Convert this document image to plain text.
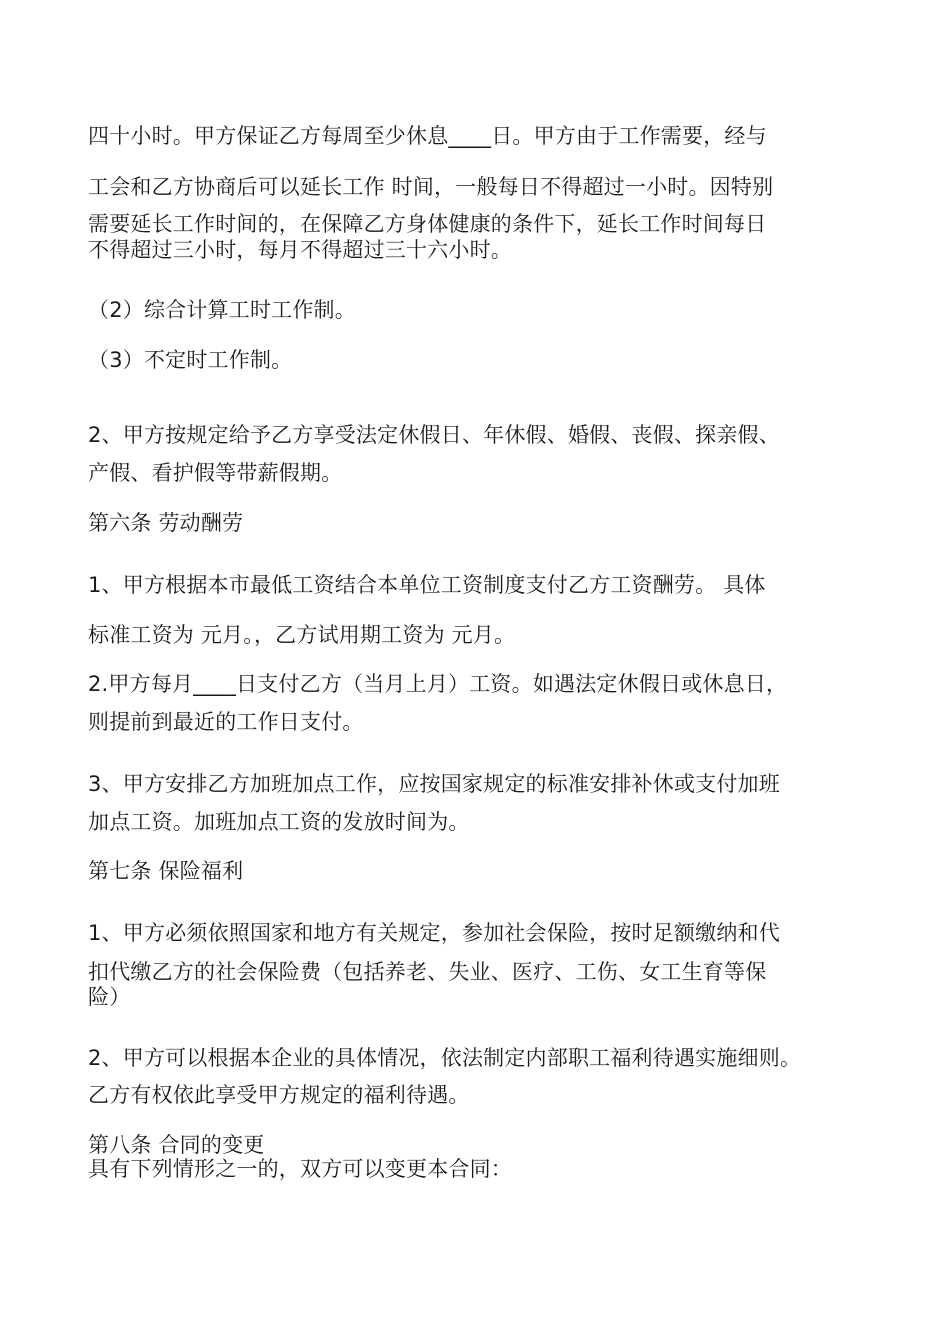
四十小时。甲方保证乙方每周至少休息____日。甲方由于工作需要，经与
工会和乙方协商后可以延长工作 时间，一般每日不得超过一小时。因特别
需要延长工作时间的，在保障乙方身体健康的条件下，延长工作时间每日
不得超过三小时，每月不得超过三十六小时。
（2）综合计算工时工作制。
（3）不定时工作制。
2、甲方按规定给予乙方享受法定休假日、年休假、婚假、丧假、探亲假、
产假、看护假等带薪假期。
第六条 劳动酬劳
1、甲方根据本市最低工资结合本单位工资制度支付乙方工资酬劳。 具体
标准工资为 元月。，乙方试用期工资为 元月。
2.甲方每月____日支付乙方（当月上月）工资。如遇法定休假日或休息日，
则提前到最近的工作日支付。
3、甲方安排乙方加班加点工作，应按国家规定的标准安排补休或支付加班
加点工资。加班加点工资的发放时间为。
第七条 保险福利
1、甲方必须依照国家和地方有关规定，参加社会保险，按时足额缴纳和代
扣代缴乙方的社会保险费（包括养老、失业、医疗、工伤、女工生育等保
险）
2、甲方可以根据本企业的具体情况，依法制定内部职工福利待遇实施细则。
乙方有权依此享受甲方规定的福利待遇。
第八条 合同的变更
具有下列情形之一的，双方可以变更本合同：
